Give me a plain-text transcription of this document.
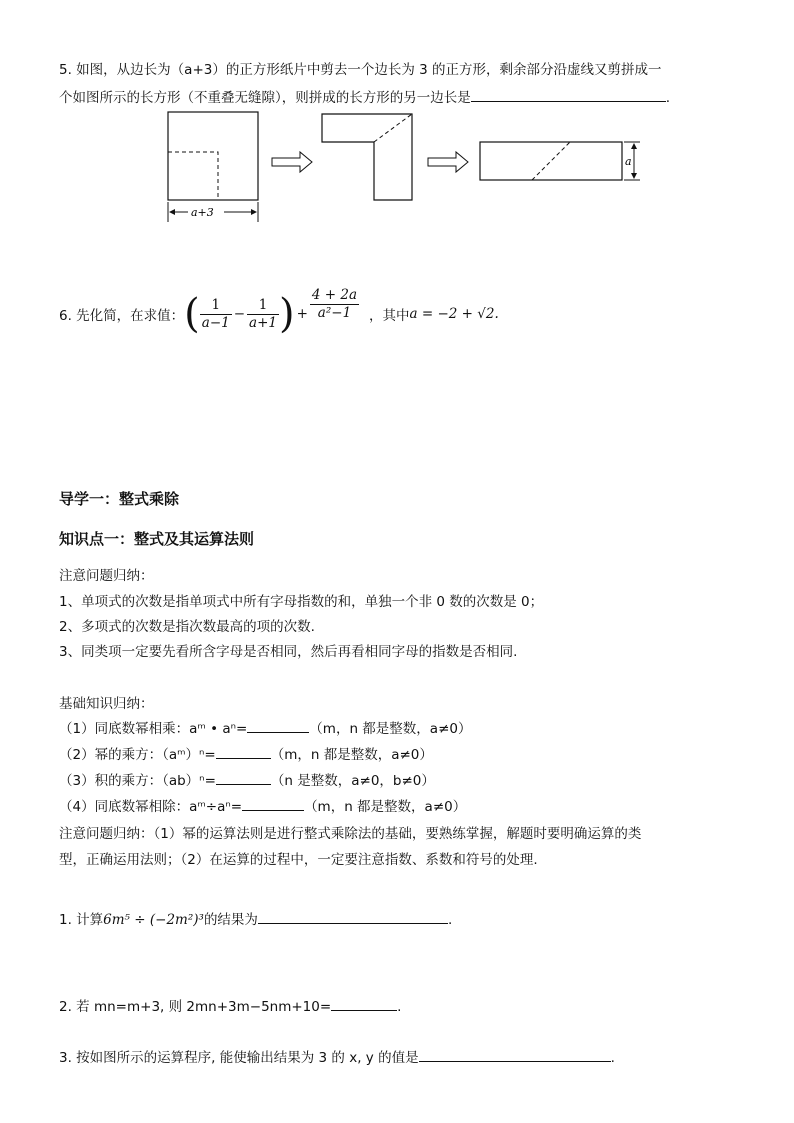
5. 如图，从边长为（a+3）的正方形纸片中剪去一个边长为 3 的正方形，剩余部分沿虚线又剪拼成一
个如图所示的长方形（不重叠无缝隙），则拼成的长方形的另一边长是	.
a+3
a
6. 先化简，在求值：( $\frac{1}{a-1} - \frac{1}{a+1}$ ) + $\frac{4 + 2a}{\text{a²−1}}$ ，其中a = −2 + √2.
导学一：整式乘除
知识点一：整式及其运算法则
注意问题归纳：
1、单项式的次数是指单项式中所有字母指数的和，单独一个非 0 数的次数是 0；
2、多项式的次数是指次数最高的项的次数.
3、同类项一定要先看所含字母是否相同，然后再看相同字母的指数是否相同.
基础知识归纳：
（1）同底数幂相乘：aᵐ • aⁿ=	（m，n 都是整数，a≠0）
（2）幂的乘方：（aᵐ）ⁿ=	（m，n 都是整数，a≠0）
（3）积的乘方：（ab）ⁿ=	（n 是整数，a≠0，b≠0）
（4）同底数幂相除：aᵐ÷aⁿ=	（m，n 都是整数，a≠0）
注意问题归纳：（1）幂的运算法则是进行整式乘除法的基础，要熟练掌握，解题时要明确运算的类
型，正确运用法则；（2）在运算的过程中，一定要注意指数、系数和符号的处理.
1. 计算6m⁵ ÷ (−2m²)³的结果为	.
2. 若 mn=m+3, 则 2mn+3m−5nm+10=	.
3. 按如图所示的运算程序, 能使输出结果为 3 的 x, y 的值是	.
